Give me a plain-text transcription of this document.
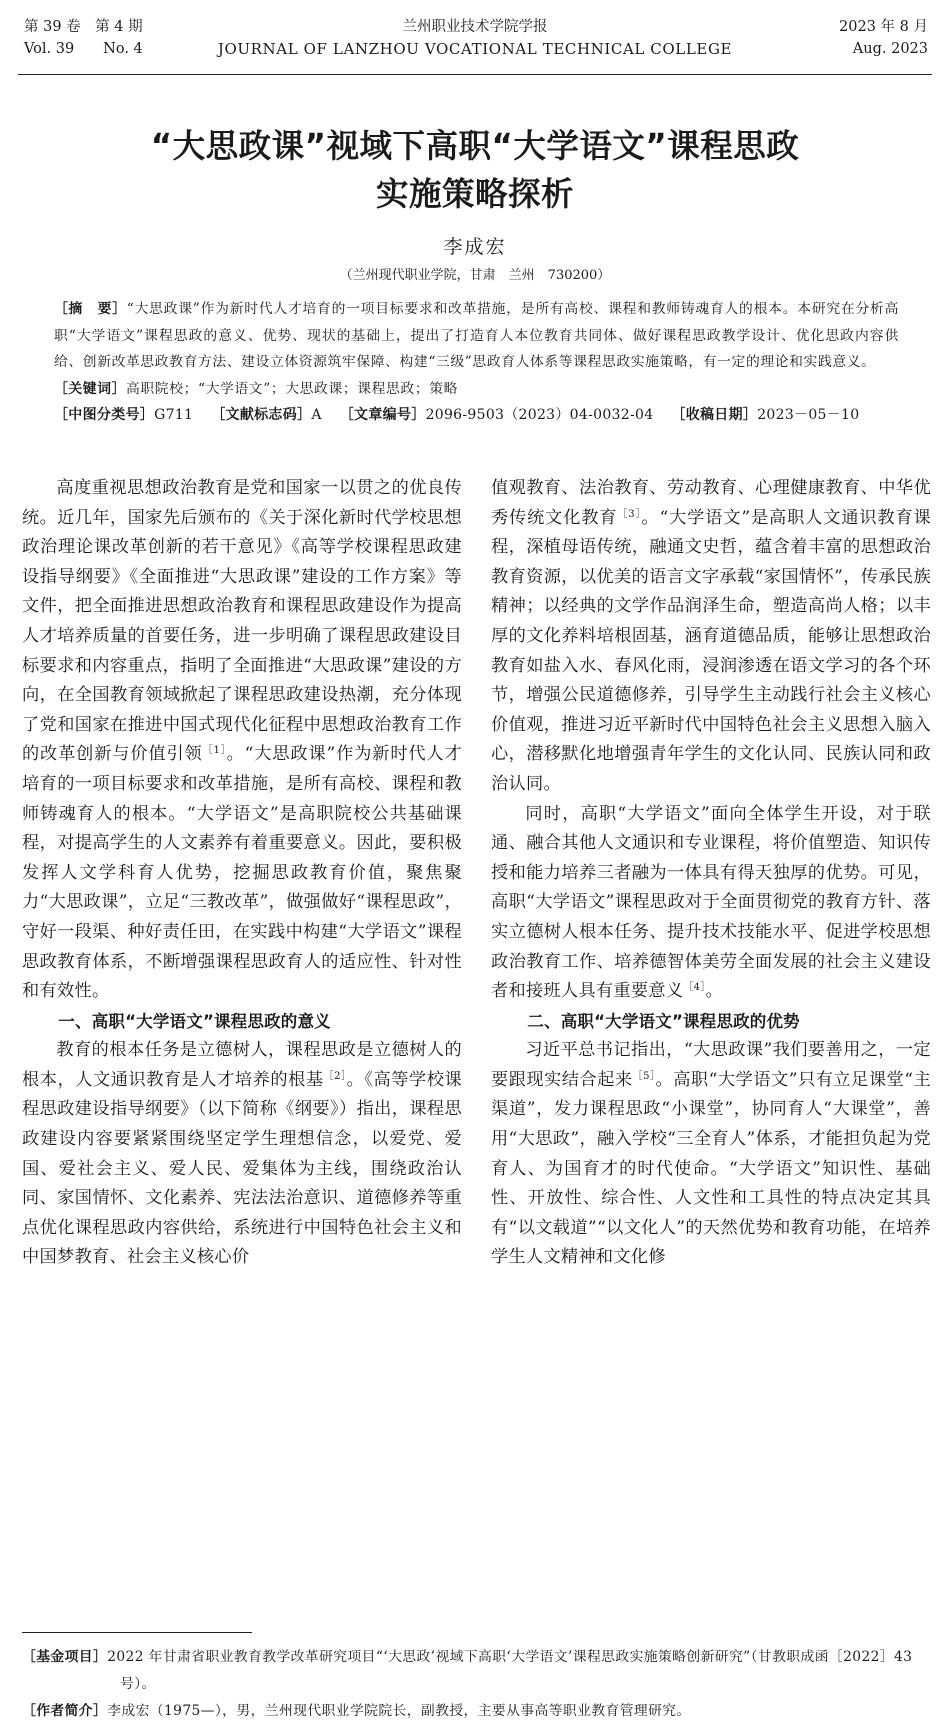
第 39 卷　第 4 期
Vol. 39　　No. 4
兰州职业技术学院学报
JOURNAL OF LANZHOU VOCATIONAL TECHNICAL COLLEGE
2023 年 8 月
Aug. 2023
“大思政课”视域下高职“大学语文”课程思政
实施策略探析
李成宏
（兰州现代职业学院，甘肃　兰州　730200）

［摘　要］“大思政课”作为新时代人才培育的一项目标要求和改革措施，是所有高校、课程和教师铸魂育人的根本。本研究在分析高职“大学语文”课程思政的意义、优势、现状的基础上，提出了打造育人本位教育共同体、做好课程思政教学设计、优化思政内容供给、创新改革思政教育方法、建设立体资源筑牢保障、构建“三级”思政育人体系等课程思政实施策略，有一定的理论和实践意义。

［关键词］高职院校；“大学语文”；大思政课；课程思政；策略

［中图分类号］G711 ［文献标志码］A ［文章编号］2096-9503（2023）04-0032-04 ［收稿日期］2023－05－10

高度重视思想政治教育是党和国家一以贯之的优良传统。近几年，国家先后颁布的《关于深化新时代学校思想政治理论课改革创新的若干意见》《高等学校课程思政建设指导纲要》《全面推进“大思政课”建设的工作方案》等文件，把全面推进思想政治教育和课程思政建设作为提高人才培养质量的首要任务，进一步明确了课程思政建设目标要求和内容重点，指明了全面推进“大思政课”建设的方向，在全国教育领域掀起了课程思政建设热潮，充分体现了党和国家在推进中国式现代化征程中思想政治教育工作的改革创新与价值引领$^{[1]}$。“大思政课”作为新时代人才培育的一项目标要求和改革措施，是所有高校、课程和教师铸魂育人的根本。“大学语文”是高职院校公共基础课程，对提高学生的人文素养有着重要意义。因此，要积极发挥人文学科育人优势，挖掘思政教育价值，聚焦聚力“大思政课”，立足“三教改革”，做强做好“课程思政”，守好一段渠、种好责任田，在实践中构建“大学语文”课程思政教育体系，不断增强课程思政育人的适应性、针对性和有效性。

一、高职“大学语文”课程思政的意义

教育的根本任务是立德树人，课程思政是立德树人的根本，人文通识教育是人才培养的根基$^{[2]}$。《高等学校课程思政建设指导纲要》（以下简称《纲要》）指出，课程思政建设内容要紧紧围绕坚定学生理想信念，以爱党、爱国、爱社会主义、爱人民、爱集体为主线，围绕政治认同、家国情怀、文化素养、宪法法治意识、道德修养等重点优化课程思政内容供给，系统进行中国特色社会主义和中国梦教育、社会主义核心价

值观教育、法治教育、劳动教育、心理健康教育、中华优秀传统文化教育$^{[3]}$。“大学语文”是高职人文通识教育课程，深植母语传统，融通文史哲，蕴含着丰富的思想政治教育资源，以优美的语言文字承载“家国情怀”，传承民族精神；以经典的文学作品润泽生命，塑造高尚人格；以丰厚的文化养料培根固基，涵育道德品质，能够让思想政治教育如盐入水、春风化雨，浸润渗透在语文学习的各个环节，增强公民道德修养，引导学生主动践行社会主义核心价值观，推进习近平新时代中国特色社会主义思想入脑入心，潜移默化地增强青年学生的文化认同、民族认同和政治认同。

同时，高职“大学语文”面向全体学生开设，对于联通、融合其他人文通识和专业课程，将价值塑造、知识传授和能力培养三者融为一体具有得天独厚的优势。可见，高职“大学语文”课程思政对于全面贯彻党的教育方针、落实立德树人根本任务、提升技术技能水平、促进学校思想政治教育工作、培养德智体美劳全面发展的社会主义建设者和接班人具有重要意义$^{[4]}$。

二、高职“大学语文”课程思政的优势

习近平总书记指出，“大思政课”我们要善用之，一定要跟现实结合起来$^{[5]}$。高职“大学语文”只有立足课堂“主渠道”，发力课程思政“小课堂”，协同育人“大课堂”，善用“大思政”，融入学校“三全育人”体系，才能担负起为党育人、为国育才的时代使命。“大学语文”知识性、基础性、开放性、综合性、人文性和工具性的特点决定其具有“以文载道”“以文化人”的天然优势和教育功能，在培养学生人文精神和文化修

［基金项目］2022 年甘肃省职业教育教学改革研究项目“‘大思政’视域下高职‘大学语文’课程思政实施策略创新研究”（甘教职成函［2022］43 号）。

［作者简介］李成宏（1975—），男，兰州现代职业学院院长，副教授，主要从事高等职业教育管理研究。
